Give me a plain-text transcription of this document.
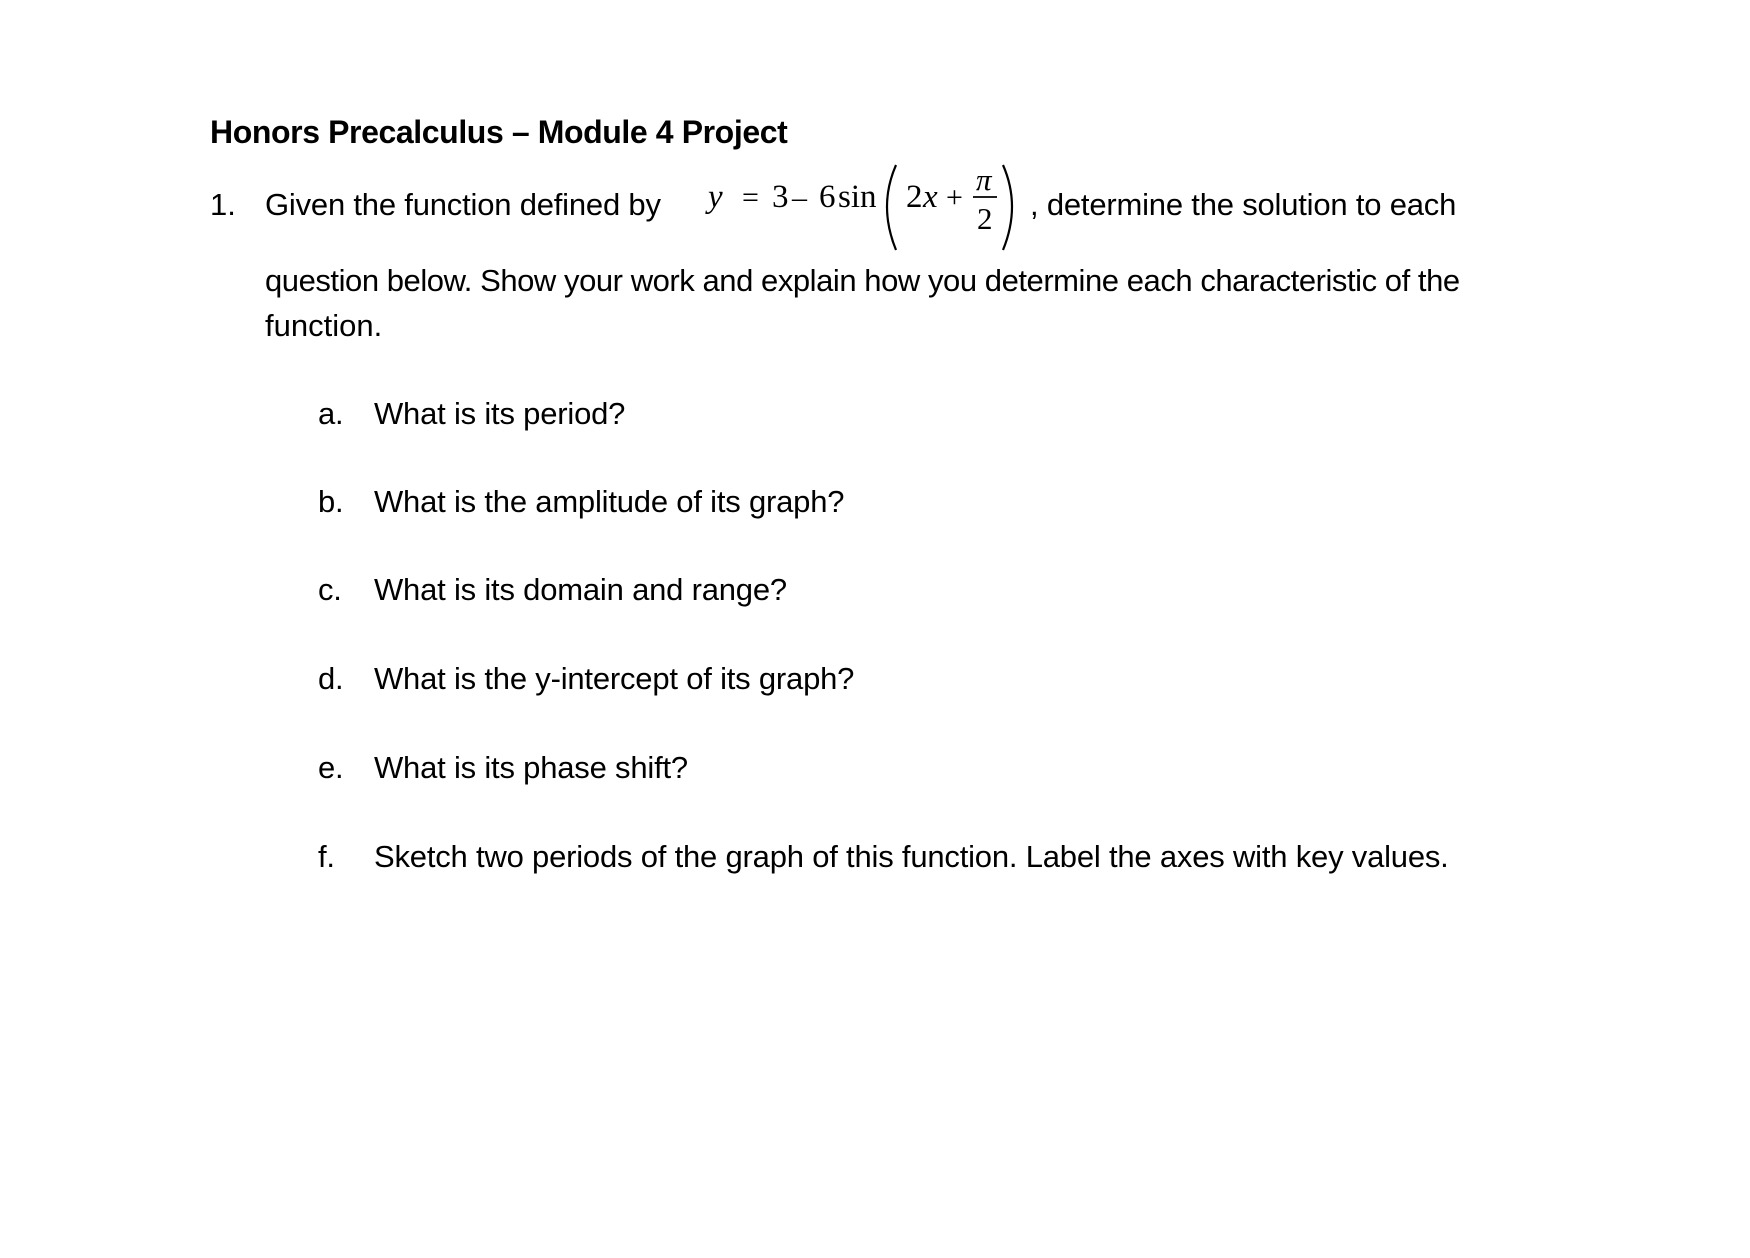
Honors Precalculus – Module 4 Project
1. Given the function defined by y = 3 – 6 sin 2 x +
π
2 , determine the solution to each
question below. Show your work and explain how you determine each characteristic of the
function.
a. What is its period?
b. What is the amplitude of its graph?
c. What is its domain and range?
d. What is the y-intercept of its graph?
e. What is its phase shift?
f. Sketch two periods of the graph of this function. Label the axes with key values.
